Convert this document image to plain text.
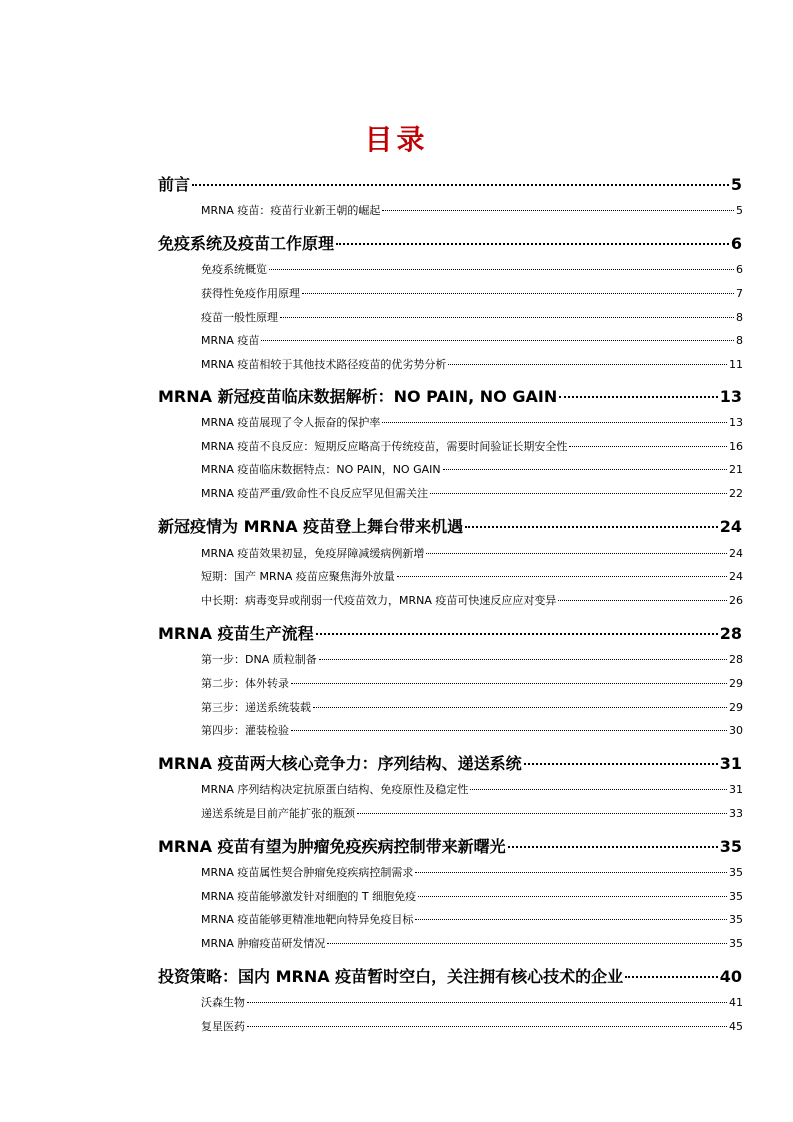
目录
前言	5
MRNA 疫苗：疫苗行业新王朝的崛起	5
免疫系统及疫苗工作原理	6
免疫系统概览	6
获得性免疫作用原理	7
疫苗一般性原理	8
MRNA 疫苗	8
MRNA 疫苗相较于其他技术路径疫苗的优劣势分析	11
MRNA 新冠疫苗临床数据解析：NO PAIN, NO GAIN	13
MRNA 疫苗展现了令人振奋的保护率	13
MRNA 疫苗不良反应：短期反应略高于传统疫苗，需要时间验证长期安全性	16
MRNA 疫苗临床数据特点：NO PAIN，NO GAIN	21
MRNA 疫苗严重/致命性不良反应罕见但需关注	22
新冠疫情为 MRNA 疫苗登上舞台带来机遇	24
MRNA 疫苗效果初显，免疫屏障减缓病例新增	24
短期：国产 MRNA 疫苗应聚焦海外放量	24
中长期：病毒变异或削弱一代疫苗效力，MRNA 疫苗可快速反应应对变异	26
MRNA 疫苗生产流程	28
第一步：DNA 质粒制备	28
第二步：体外转录	29
第三步：递送系统装载	29
第四步：灌装检验	30
MRNA 疫苗两大核心竞争力：序列结构、递送系统	31
MRNA 序列结构决定抗原蛋白结构、免疫原性及稳定性	31
递送系统是目前产能扩张的瓶颈	33
MRNA 疫苗有望为肿瘤免疫疾病控制带来新曙光	35
MRNA 疫苗属性契合肿瘤免疫疾病控制需求	35
MRNA 疫苗能够激发针对细胞的 T 细胞免疫	35
MRNA 疫苗能够更精准地靶向特异免疫目标	35
MRNA 肿瘤疫苗研发情况	35
投资策略：国内 MRNA 疫苗暂时空白，关注拥有核心技术的企业	40
沃森生物	41
复星医药	45
